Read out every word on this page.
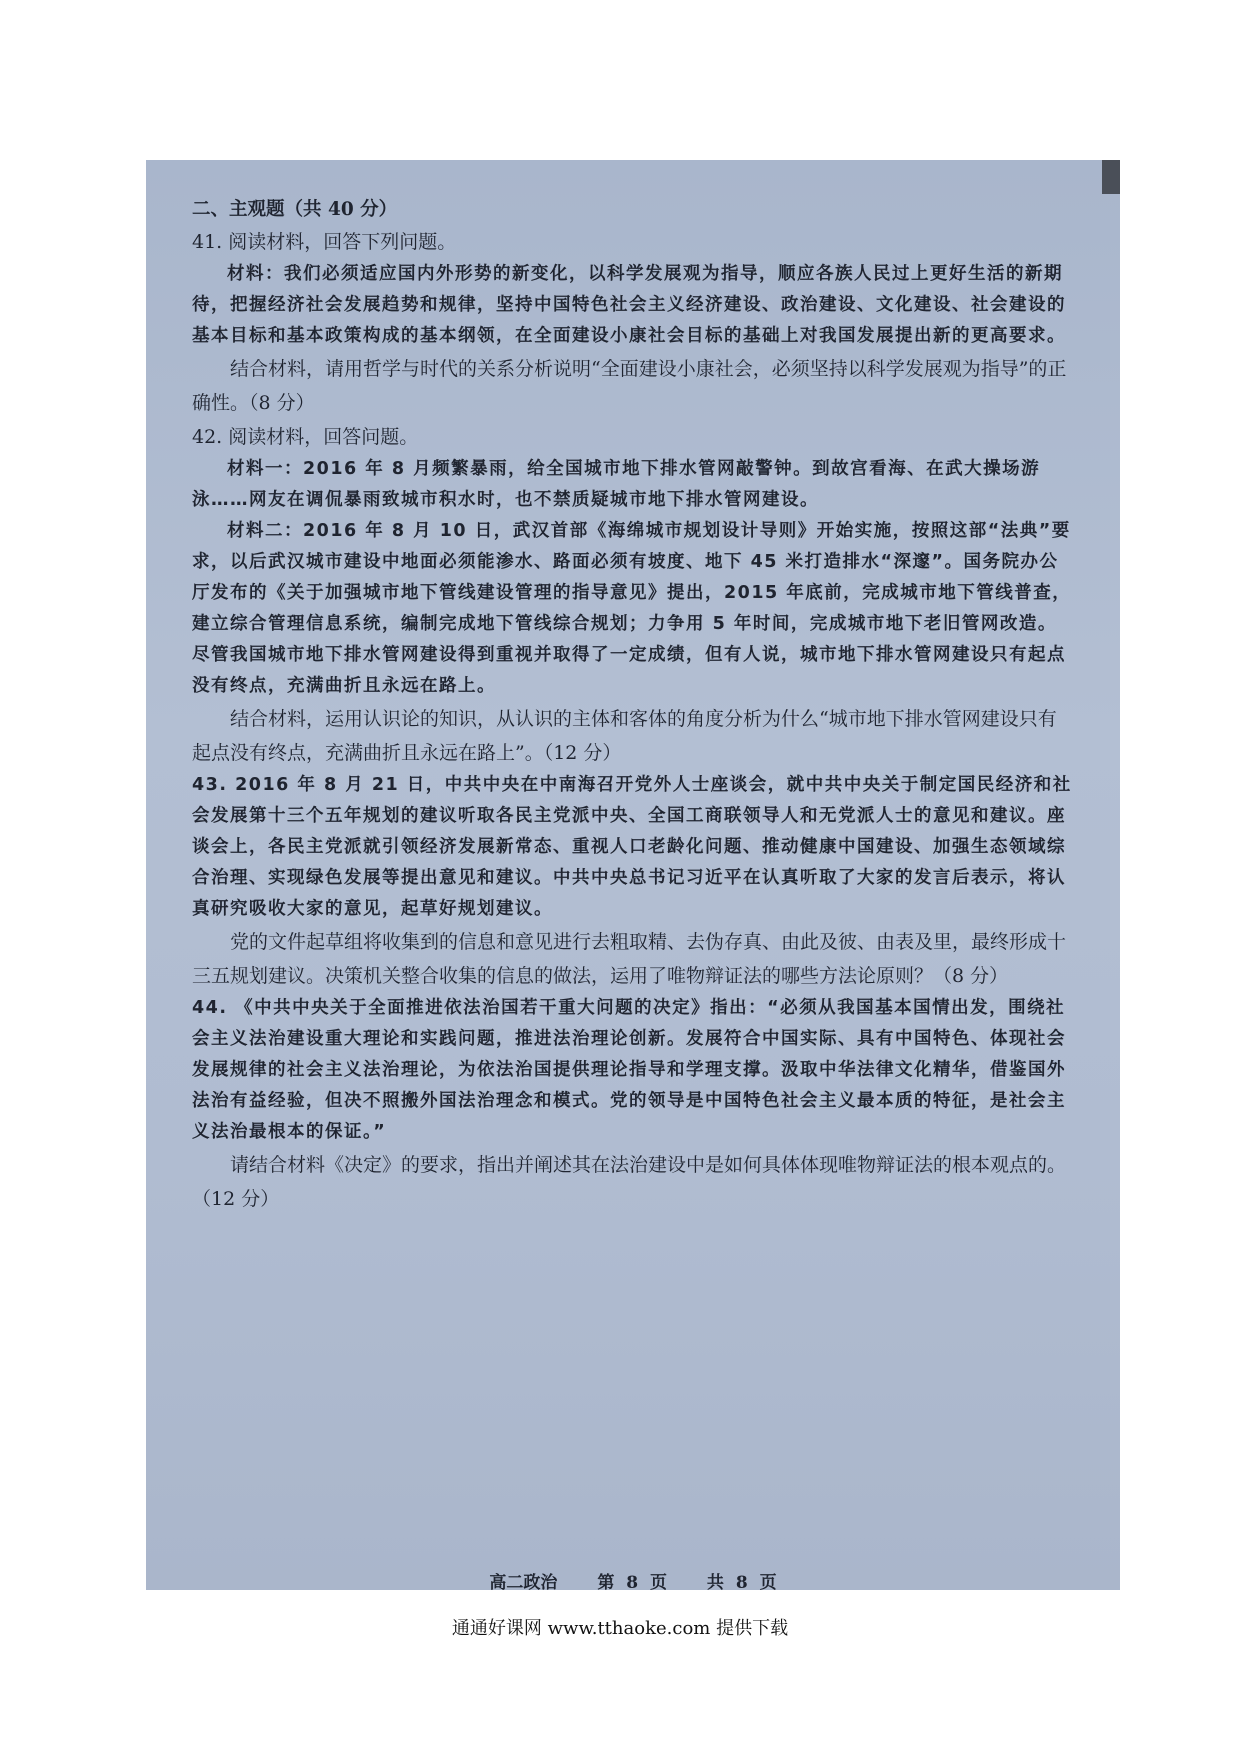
二、主观题（共 40 分）

41. 阅读材料，回答下列问题。

材料：我们必须适应国内外形势的新变化，以科学发展观为指导，顺应各族人民过上更好生活的新期待，把握经济社会发展趋势和规律，坚持中国特色社会主义经济建设、政治建设、文化建设、社会建设的基本目标和基本政策构成的基本纲领，在全面建设小康社会目标的基础上对我国发展提出新的更高要求。

结合材料，请用哲学与时代的关系分析说明“全面建设小康社会，必须坚持以科学发展观为指导”的正确性。（8 分）

42. 阅读材料，回答问题。

材料一：2016 年 8 月频繁暴雨，给全国城市地下排水管网敲警钟。到故宫看海、在武大操场游泳……网友在调侃暴雨致城市积水时，也不禁质疑城市地下排水管网建设。

材料二：2016 年 8 月 10 日，武汉首部《海绵城市规划设计导则》开始实施，按照这部“法典”要求，以后武汉城市建设中地面必须能渗水、路面必须有坡度、地下 45 米打造排水“深邃”。国务院办公厅发布的《关于加强城市地下管线建设管理的指导意见》提出，2015 年底前，完成城市地下管线普查，建立综合管理信息系统，编制完成地下管线综合规划；力争用 5 年时间，完成城市地下老旧管网改造。尽管我国城市地下排水管网建设得到重视并取得了一定成绩，但有人说，城市地下排水管网建设只有起点没有终点，充满曲折且永远在路上。

结合材料，运用认识论的知识，从认识的主体和客体的角度分析为什么“城市地下排水管网建设只有起点没有终点，充满曲折且永远在路上”。（12 分）

43. 2016 年 8 月 21 日，中共中央在中南海召开党外人士座谈会，就中共中央关于制定国民经济和社会发展第十三个五年规划的建议听取各民主党派中央、全国工商联领导人和无党派人士的意见和建议。座谈会上，各民主党派就引领经济发展新常态、重视人口老龄化问题、推动健康中国建设、加强生态领域综合治理、实现绿色发展等提出意见和建议。中共中央总书记习近平在认真听取了大家的发言后表示，将认真研究吸收大家的意见，起草好规划建议。

党的文件起草组将收集到的信息和意见进行去粗取精、去伪存真、由此及彼、由表及里，最终形成十三五规划建议。决策机关整合收集的信息的做法，运用了唯物辩证法的哪些方法论原则？（8 分）

44. 《中共中央关于全面推进依法治国若干重大问题的决定》指出：“必须从我国基本国情出发，围绕社会主义法治建设重大理论和实践问题，推进法治理论创新。发展符合中国实际、具有中国特色、体现社会发展规律的社会主义法治理论，为依法治国提供理论指导和学理支撑。汲取中华法律文化精华，借鉴国外法治有益经验，但决不照搬外国法治理念和模式。党的领导是中国特色社会主义最本质的特征，是社会主义法治最根本的保证。”

请结合材料《决定》的要求，指出并阐述其在法治建设中是如何具体体现唯物辩证法的根本观点的。（12 分）

高二政治 第 8 页 共 8 页
通通好课网 www.tthaoke.com 提供下载
